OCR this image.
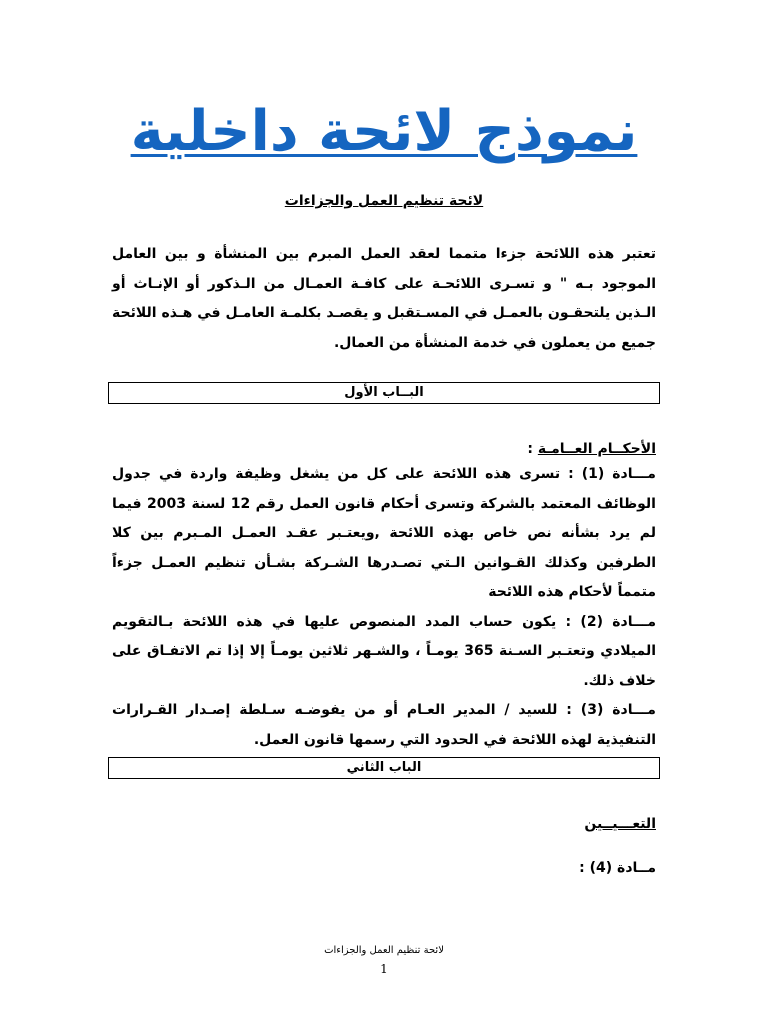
نموذج لائحة داخلية
لائحة تنظيم العمل والجزاءات
تعتبر هذه اللائحة جزءا متمما لعقد العمل المبرم بين المنشأة و بين العامل الموجود بـه " و تسـرى اللائحـة على كافـة العمـال من الـذكور أو الإنـاث أو الـذين يلتحقـون بالعمـل في المسـتقبل و يقصـد بكلمـة العامـل في هـذه اللائحة جميع من يعملون في خدمة المنشأة من العمال.
البــاب الأول
الأحكــام العــامـة :
مـــادة (1) : تسرى هذه اللائحة على كل من يشغل وظيفة واردة في جدول الوظائف المعتمد بالشركة وتسرى أحكام قانون العمل رقم 12 لسنة 2003 فيما لم يرد بشأنه نص خاص بهذه اللائحة ,ويعتـبر عقـد العمـل المـبرم بين كلا الطرفين وكذلك القـوانين الـتي تصـدرها الشـركة بشـأن تنظيم العمـل جزءاً متمماً لأحكام هذه اللائحة
مـــادة (2) : يكون حساب المدد المنصوص عليها في هذه اللائحة بـالتقويم الميلادي وتعتـبر السـنة 365 يومـاً ، والشـهر ثلاثين يومـاً إلا إذا تم الاتفـاق على خلاف ذلك.
مـــادة (3) : للسيد / المدير العـام أو من يفوضـه سـلطة إصـدار القـرارات التنفيذية لهذه اللائحة في الحدود التي رسمها قانون العمل.
الباب الثاني
التعـــيــين
مــادة (4) :
لائحة تنظيم العمل والجزاءات
1
